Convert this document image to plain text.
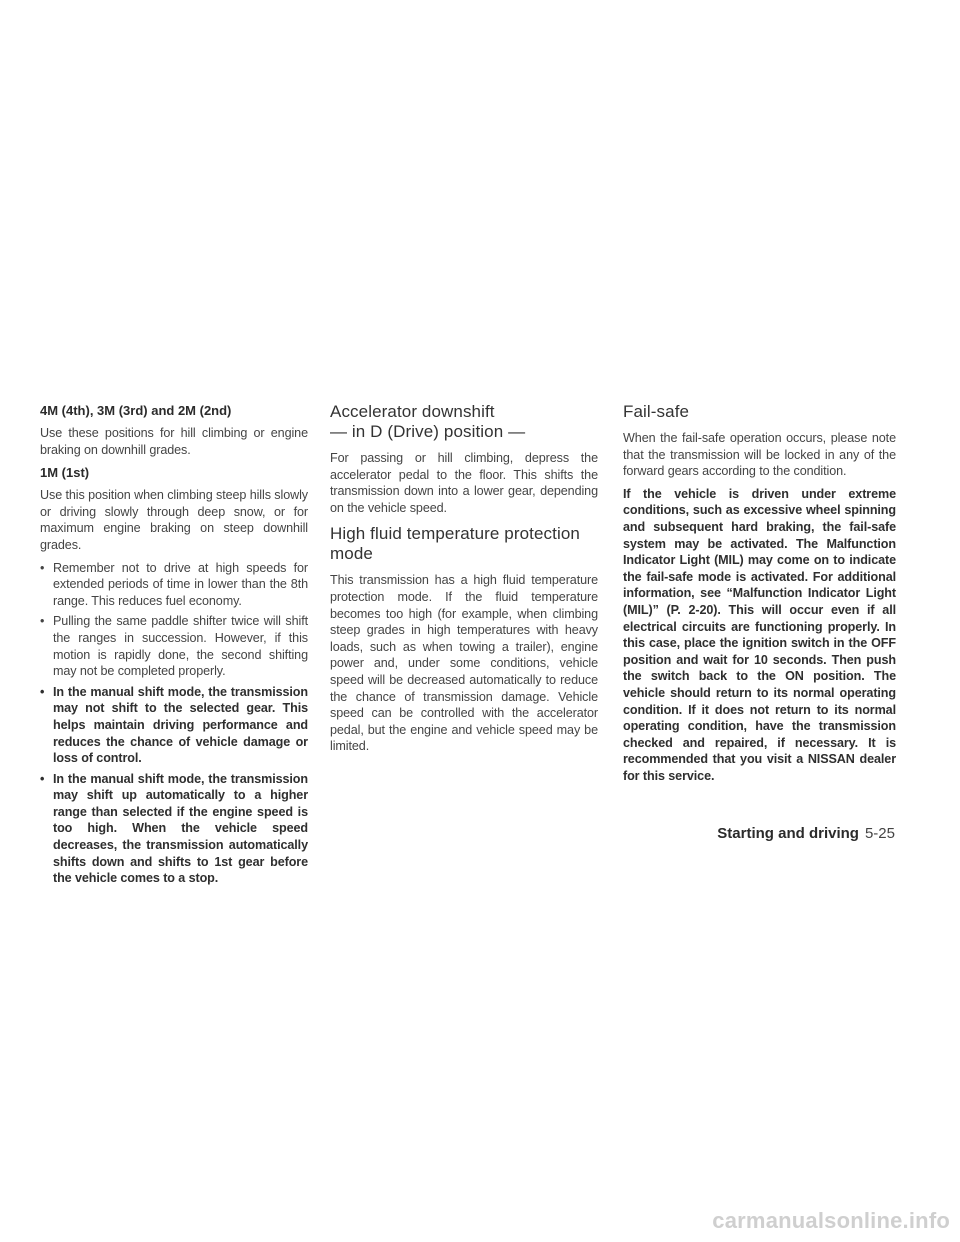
4M (4th), 3M (3rd) and 2M (2nd)

Use these positions for hill climbing or engine braking on downhill grades.

1M (1st)

Use this position when climbing steep hills slowly or driving slowly through deep snow, or for maximum engine braking on steep downhill grades.

• Remember not to drive at high speeds for extended periods of time in lower than the 8th range. This reduces fuel economy.
• Pulling the same paddle shifter twice will shift the ranges in succession. However, if this motion is rapidly done, the second shifting may not be completed properly.
• In the manual shift mode, the transmission may not shift to the selected gear. This helps maintain driving performance and reduces the chance of vehicle damage or loss of control.
• In the manual shift mode, the transmission may shift up automatically to a higher range than selected if the engine speed is too high. When the vehicle speed decreases, the transmission automatically shifts down and shifts to 1st gear before the vehicle comes to a stop.
Accelerator downshift
— in D (Drive) position —

For passing or hill climbing, depress the accelerator pedal to the floor. This shifts the transmission down into a lower gear, depending on the vehicle speed.

High fluid temperature protection mode

This transmission has a high fluid temperature protection mode. If the fluid temperature becomes too high (for example, when climbing steep grades in high temperatures with heavy loads, such as when towing a trailer), engine power and, under some conditions, vehicle speed will be decreased automatically to reduce the chance of transmission damage. Vehicle speed can be controlled with the accelerator pedal, but the engine and vehicle speed may be limited.

Fail-safe

When the fail-safe operation occurs, please note that the transmission will be locked in any of the forward gears according to the condition.

If the vehicle is driven under extreme conditions, such as excessive wheel spinning and subsequent hard braking, the fail-safe system may be activated. The Malfunction Indicator Light (MIL) may come on to indicate the fail-safe mode is activated. For additional information, see “Malfunction Indicator Light (MIL)” (P. 2-20). This will occur even if all electrical circuits are functioning properly. In this case, place the ignition switch in the OFF position and wait for 10 seconds. Then push the switch back to the ON position. The vehicle should return to its normal operating condition. If it does not return to its normal operating condition, have the transmission checked and repaired, if necessary. It is recommended that you visit a NISSAN dealer for this service.

Starting and driving 5-25
carmanualsonline.info
